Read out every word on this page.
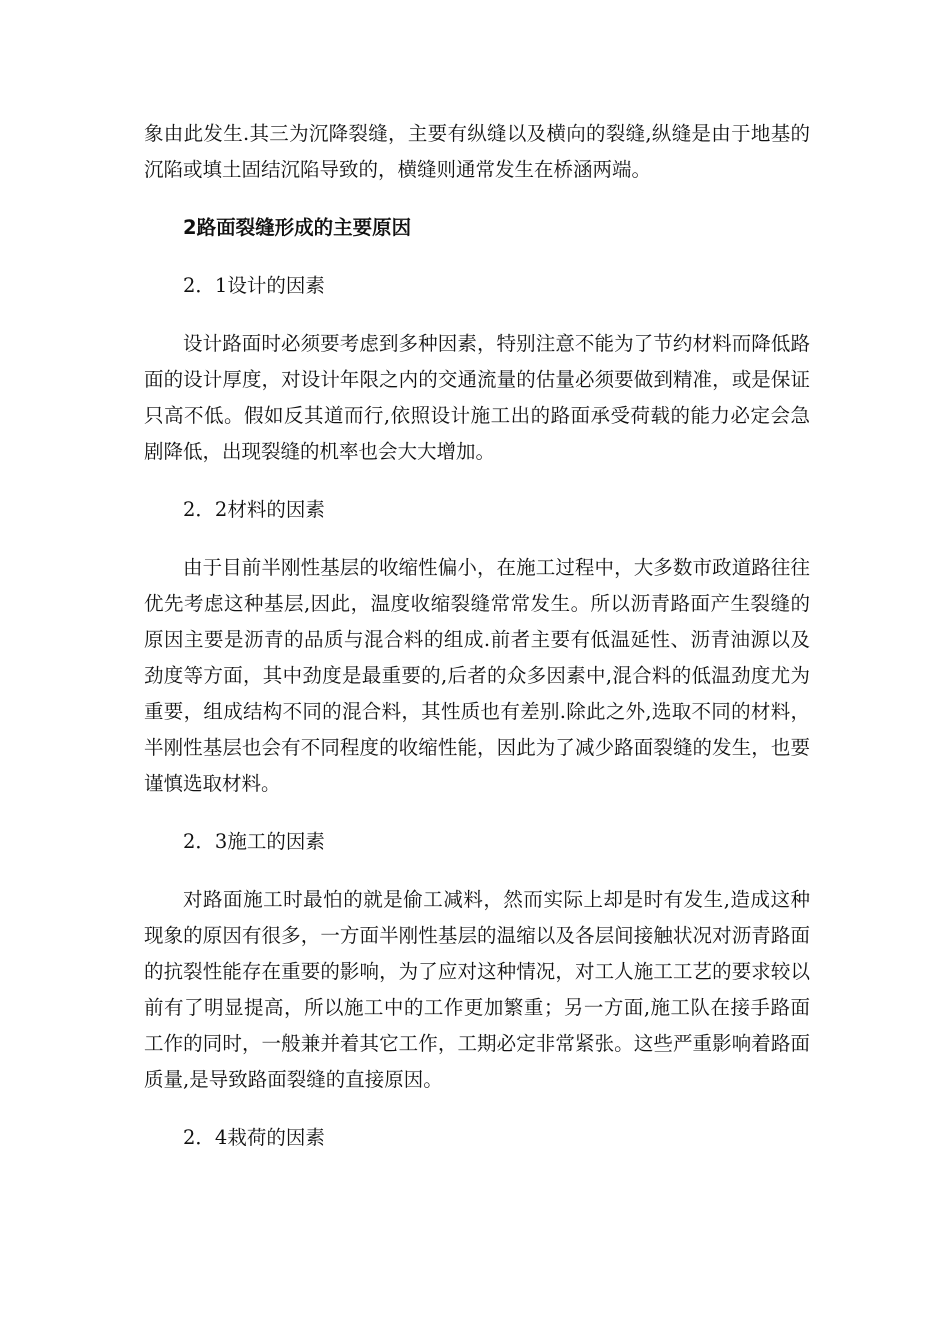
象由此发生.其三为沉降裂缝，主要有纵缝以及横向的裂缝,纵缝是由于地基的沉陷或填土固结沉陷导致的，横缝则通常发生在桥涵两端。

2路面裂缝形成的主要原因

2．1设计的因素

设计路面时必须要考虑到多种因素，特别注意不能为了节约材料而降低路面的设计厚度，对设计年限之内的交通流量的估量必须要做到精准，或是保证只高不低。假如反其道而行,依照设计施工出的路面承受荷载的能力必定会急剧降低，出现裂缝的机率也会大大增加。

2．2材料的因素

由于目前半刚性基层的收缩性偏小，在施工过程中，大多数市政道路往往优先考虑这种基层,因此，温度收缩裂缝常常发生。所以沥青路面产生裂缝的原因主要是沥青的品质与混合料的组成.前者主要有低温延性、沥青油源以及劲度等方面，其中劲度是最重要的,后者的众多因素中,混合料的低温劲度尤为重要，组成结构不同的混合料，其性质也有差别.除此之外,选取不同的材料，半刚性基层也会有不同程度的收缩性能，因此为了减少路面裂缝的发生，也要谨慎选取材料。

2．3施工的因素

对路面施工时最怕的就是偷工减料，然而实际上却是时有发生,造成这种现象的原因有很多，一方面半刚性基层的温缩以及各层间接触状况对沥青路面的抗裂性能存在重要的影响，为了应对这种情况，对工人施工工艺的要求较以前有了明显提高，所以施工中的工作更加繁重；另一方面,施工队在接手路面工作的同时，一般兼并着其它工作，工期必定非常紧张。这些严重影响着路面质量,是导致路面裂缝的直接原因。

2．4栽荷的因素
